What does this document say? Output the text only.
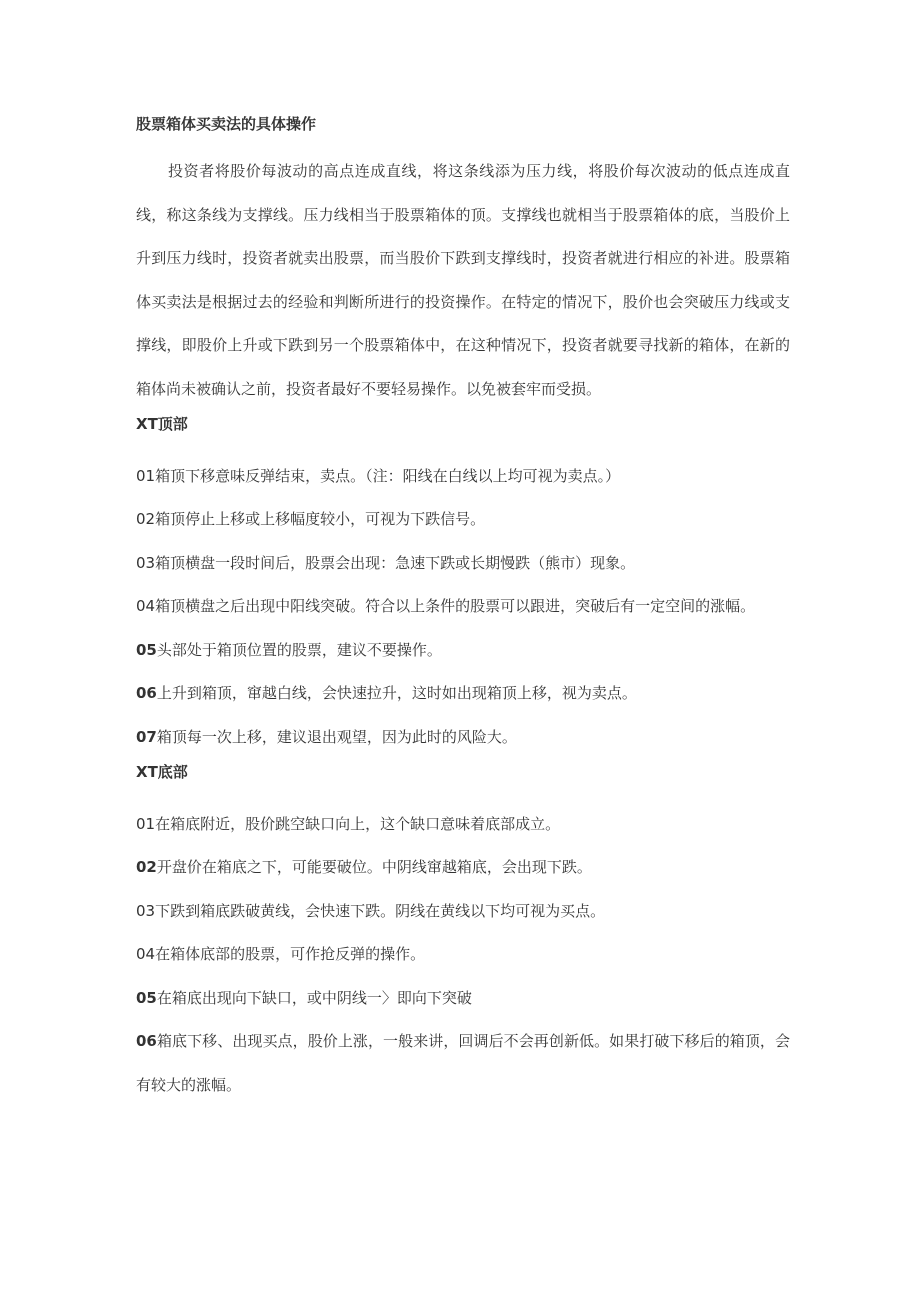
股票箱体买卖法的具体操作

投资者将股价每波动的高点连成直线，将这条线添为压力线，将股价每次波动的低点连成直线，称这条线为支撑线。压力线相当于股票箱体的顶。支撑线也就相当于股票箱体的底，当股价上升到压力线时，投资者就卖出股票，而当股价下跌到支撑线时，投资者就进行相应的补进。股票箱体买卖法是根据过去的经验和判断所进行的投资操作。在特定的情况下，股价也会突破压力线或支撑线，即股价上升或下跌到另一个股票箱体中，在这种情况下，投资者就要寻找新的箱体，在新的箱体尚未被确认之前，投资者最好不要轻易操作。以免被套牢而受损。

XT顶部

01箱顶下移意味反弹结束，卖点。（注：阳线在白线以上均可视为卖点。）

02箱顶停止上移或上移幅度较小，可视为下跌信号。

03箱顶横盘一段时间后，股票会出现：急速下跌或长期慢跌（熊市）现象。

04箱顶横盘之后出现中阳线突破。符合以上条件的股票可以跟进，突破后有一定空间的涨幅。

05头部处于箱顶位置的股票，建议不要操作。

06上升到箱顶，窜越白线，会快速拉升，这时如出现箱顶上移，视为卖点。

07箱顶每一次上移，建议退出观望，因为此时的风险大。

XT底部

01在箱底附近，股价跳空缺口向上，这个缺口意味着底部成立。

02开盘价在箱底之下，可能要破位。中阴线窜越箱底，会出现下跌。

03下跌到箱底跌破黄线，会快速下跌。阴线在黄线以下均可视为买点。

04在箱体底部的股票，可作抢反弹的操作。

05在箱底出现向下缺口，或中阴线一〉即向下突破

06箱底下移、出现买点，股价上涨，一般来讲，回调后不会再创新低。如果打破下移后的箱顶，会有较大的涨幅。
